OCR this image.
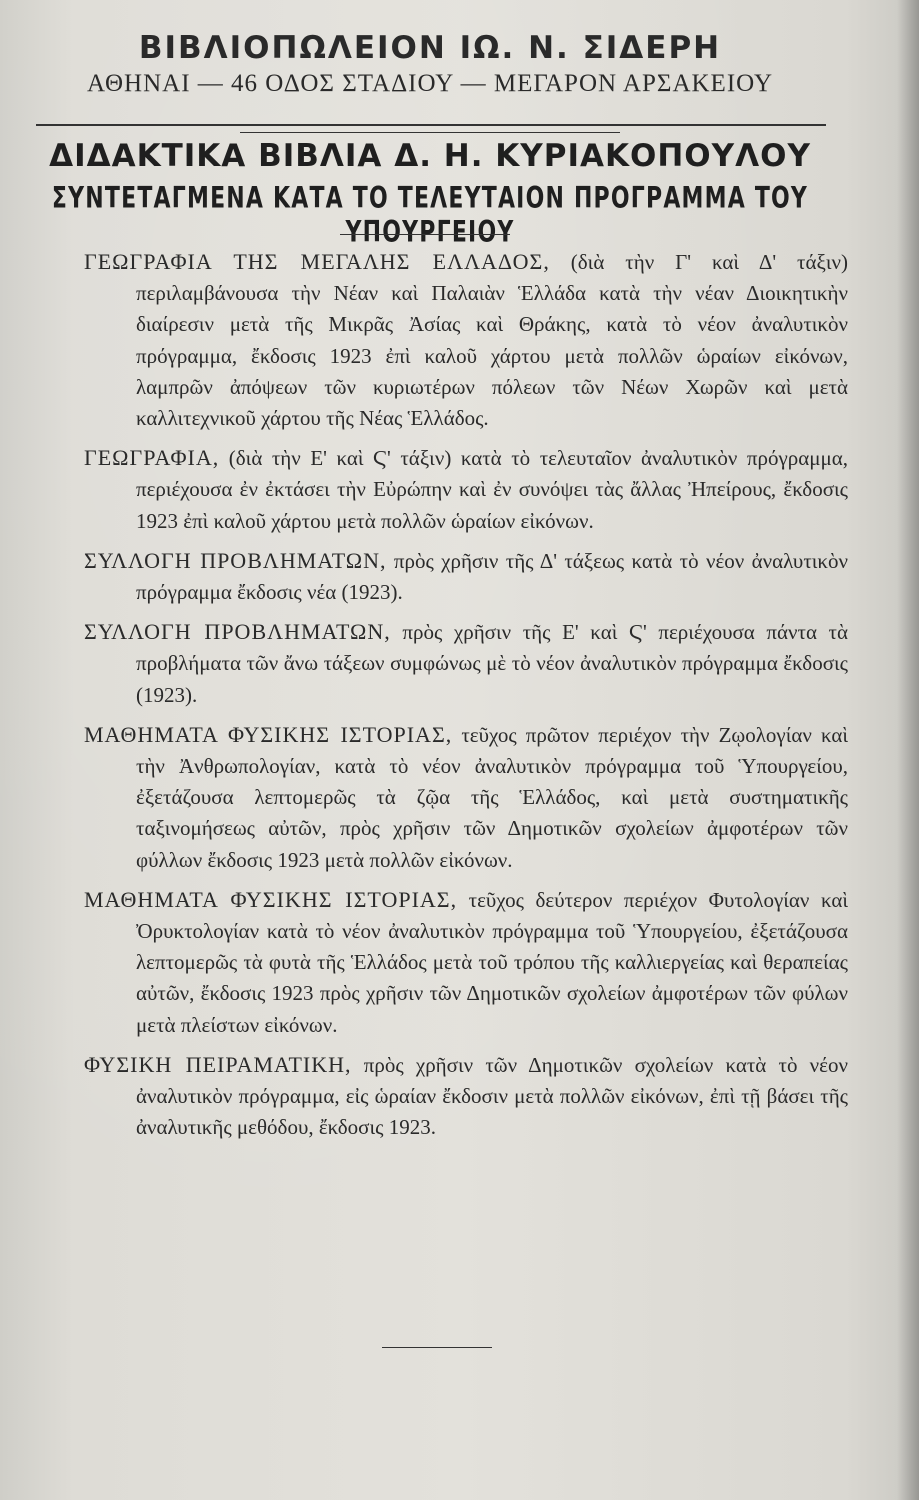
ΒΙΒΛΙΟΠΩΛΕΙΟΝ ΙΩ. Ν. ΣΙΔΕΡΗ
ΑΘΗΝΑΙ — 46 ΟΔΟΣ ΣΤΑΔΙΟΥ — ΜΕΓΑΡΟΝ ΑΡΣΑΚΕΙΟΥ
ΔΙΔΑΚΤΙΚΑ ΒΙΒΛΙΑ Δ. Η. ΚΥΡΙΑΚΟΠΟΥΛΟΥ
ΣΥΝΤΕΤΑΓΜΕΝΑ ΚΑΤΑ ΤΟ ΤΕΛΕΥΤΑΙΟΝ ΠΡΟΓΡΑΜΜΑ ΤΟΥ ΥΠΟΥΡΓΕΙΟΥ

ΓΕΩΓΡΑΦΙΑ ΤΗΣ ΜΕΓΑΛΗΣ ΕΛΛΑΔΟΣ, (διὰ τὴν Γ' καὶ Δ' τάξιν) περιλαμβάνουσα τὴν Νέαν καὶ Παλαιὰν Ἑλλάδα κατὰ τὴν νέαν Διοικητικὴν διαίρεσιν μετὰ τῆς Μικρᾶς Ἀσίας καὶ Θράκης, κατὰ τὸ νέον ἀναλυτικὸν πρόγραμμα, ἔκδοσις 1923 ἐπὶ καλοῦ χάρτου μετὰ πολλῶν ὡραίων εἰκόνων, λαμπρῶν ἀπόψεων τῶν κυριωτέρων πόλεων τῶν Νέων Χωρῶν καὶ μετὰ καλλιτεχνικοῦ χάρτου τῆς Νέας Ἑλλάδος.

ΓΕΩΓΡΑΦΙΑ, (διὰ τὴν Ε' καὶ Ϛ' τάξιν) κατὰ τὸ τελευταῖον ἀναλυτικὸν πρόγραμμα, περιέχουσα ἐν ἐκτάσει τὴν Εὐρώπην καὶ ἐν συνόψει τὰς ἄλλας Ἠπείρους, ἔκδοσις 1923 ἐπὶ καλοῦ χάρτου μετὰ πολλῶν ὡραίων εἰκόνων.

ΣΥΛΛΟΓΗ ΠΡΟΒΛΗΜΑΤΩΝ, πρὸς χρῆσιν τῆς Δ' τάξεως κατὰ τὸ νέον ἀναλυτικὸν πρόγραμμα ἔκδοσις νέα (1923).

ΣΥΛΛΟΓΗ ΠΡΟΒΛΗΜΑΤΩΝ, πρὸς χρῆσιν τῆς Ε' καὶ Ϛ' περιέχουσα πάντα τὰ προβλήματα τῶν ἄνω τάξεων συμφώνως μὲ τὸ νέον ἀναλυτικὸν πρόγραμμα ἔκδοσις (1923).

ΜΑΘΗΜΑΤΑ ΦΥΣΙΚΗΣ ΙΣΤΟΡΙΑΣ, τεῦχος πρῶτον περιέχον τὴν Ζῳολογίαν καὶ τὴν Ἀνθρωπολογίαν, κατὰ τὸ νέον ἀναλυτικὸν πρόγραμμα τοῦ Ὑπουργείου, ἐξετάζουσα λεπτομερῶς τὰ ζῷα τῆς Ἑλλάδος, καὶ μετὰ συστηματικῆς ταξινομήσεως αὐτῶν, πρὸς χρῆσιν τῶν Δημοτικῶν σχολείων ἀμφοτέρων τῶν φύλλων ἔκδοσις 1923 μετὰ πολλῶν εἰκόνων.

ΜΑΘΗΜΑΤΑ ΦΥΣΙΚΗΣ ΙΣΤΟΡΙΑΣ, τεῦχος δεύτερον περιέχον Φυτολογίαν καὶ Ὀρυκτολογίαν κατὰ τὸ νέον ἀναλυτικὸν πρόγραμμα τοῦ Ὑπουργείου, ἐξετάζουσα λεπτομερῶς τὰ φυτὰ τῆς Ἑλλάδος μετὰ τοῦ τρόπου τῆς καλλιεργείας καὶ θεραπείας αὐτῶν, ἔκδοσις 1923 πρὸς χρῆσιν τῶν Δημοτικῶν σχολείων ἀμφοτέρων τῶν φύλων μετὰ πλείστων εἰκόνων.

ΦΥΣΙΚΗ ΠΕΙΡΑΜΑΤΙΚΗ, πρὸς χρῆσιν τῶν Δημοτικῶν σχολείων κατὰ τὸ νέον ἀναλυτικὸν πρόγραμμα, εἰς ὡραίαν ἔκδοσιν μετὰ πολλῶν εἰκόνων, ἐπὶ τῇ βάσει τῆς ἀναλυτικῆς μεθόδου, ἔκδοσις 1923.
